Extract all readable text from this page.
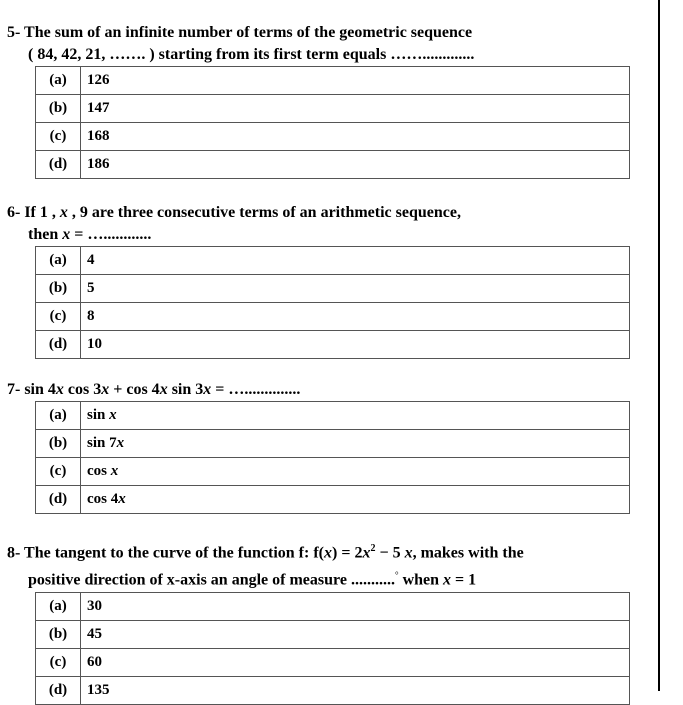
5- The sum of an infinite number of terms of the geometric sequence
( 84, 42, 21, ……. ) starting from its first term equals …….............
(a)	126
(b)	147
(c)	168
(d)	186
6- If 1 , x , 9 are three consecutive terms of an arithmetic sequence,
then x = …............
(a)	4
(b)	5
(c)	8
(d)	10
7- sin 4x cos 3x + cos 4x sin 3x = …..............
(a)	sin x
(b)	sin 7x
(c)	cos x
(d)	cos 4x
8- The tangent to the curve of the function f: $f(x) = 2x^2 - 5$ x, makes with the
positive direction of x-axis an angle of measure ...........° when x = 1
(a)	30
(b)	45
(c)	60
(d)	135
